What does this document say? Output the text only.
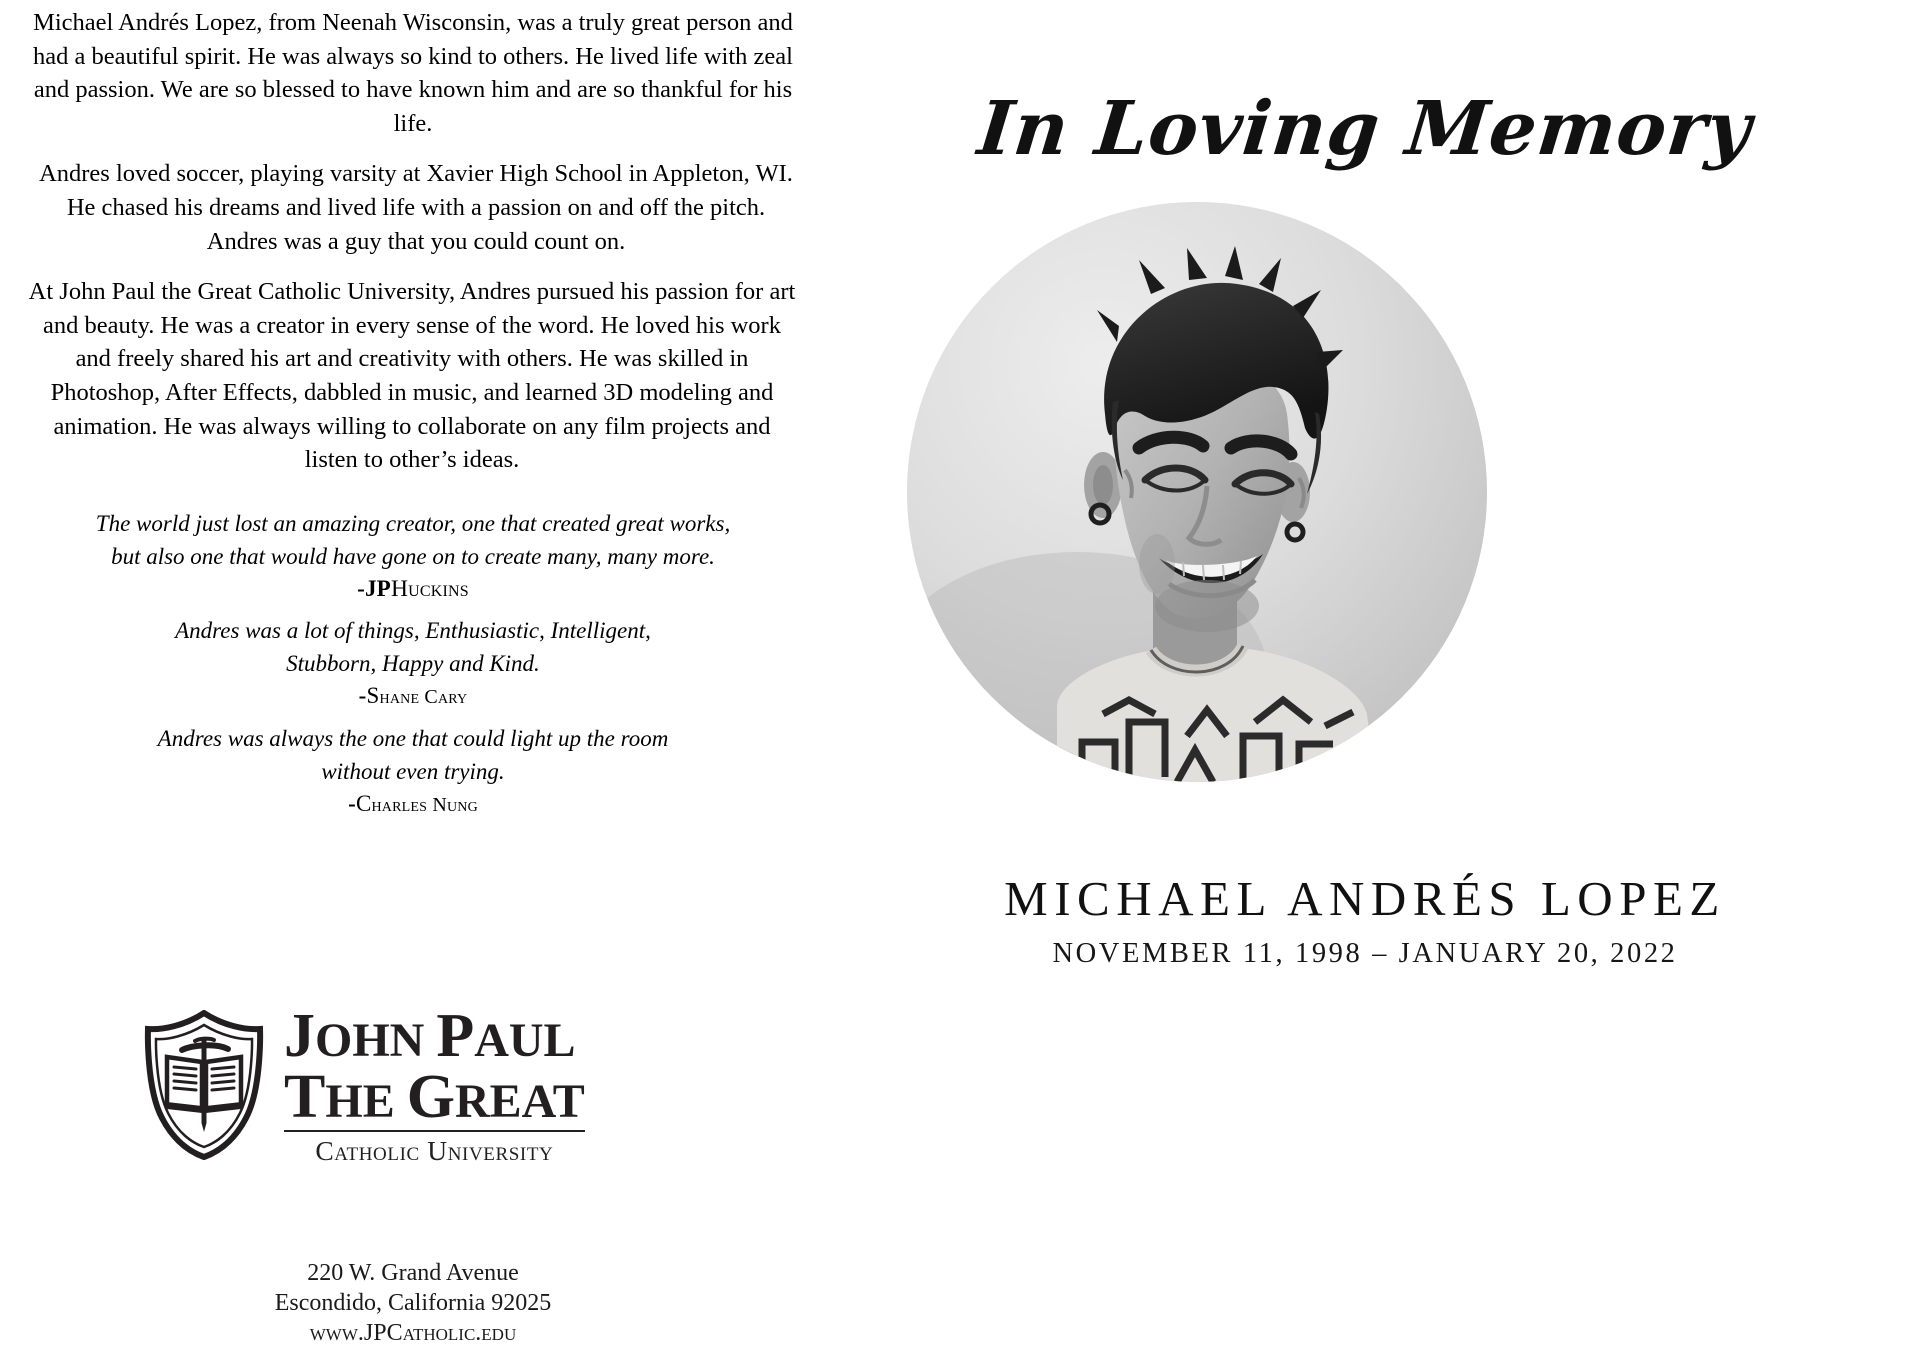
Michael Andrés Lopez, from Neenah Wisconsin, was a truly great person and had a beautiful spirit. He was always so kind to others. He lived life with zeal and passion. We are so blessed to have known him and are so thankful for his life.

Andres loved soccer, playing varsity at Xavier High School in Appleton, WI. He chased his dreams and lived life with a passion on and off the pitch. Andres was a guy that you could count on.

At John Paul the Great Catholic University, Andres pursued his passion for art and beauty. He was a creator in every sense of the word. He loved his work and freely shared his art and creativity with others. He was skilled in Photoshop, After Effects, dabbled in music, and learned 3D modeling and animation. He was always willing to collaborate on any film projects and listen to other’s ideas.

The world just lost an amazing creator, one that created great works, but also one that would have gone on to create many, many more.

-JPHuckins

Andres was a lot of things, Enthusiastic, Intelligent, Stubborn, Happy and Kind.

-Shane Cary

Andres was always the one that could light up the room without even trying.

-Charles Nung

JOHN PAUL
THE GREAT
Catholic University

220 W. Grand Avenue

Escondido, California 92025

www.JPCatholic.edu

In Loving Memory
MICHAEL ANDRÉS LOPEZ
NOVEMBER 11, 1998 – JANUARY 20, 2022
